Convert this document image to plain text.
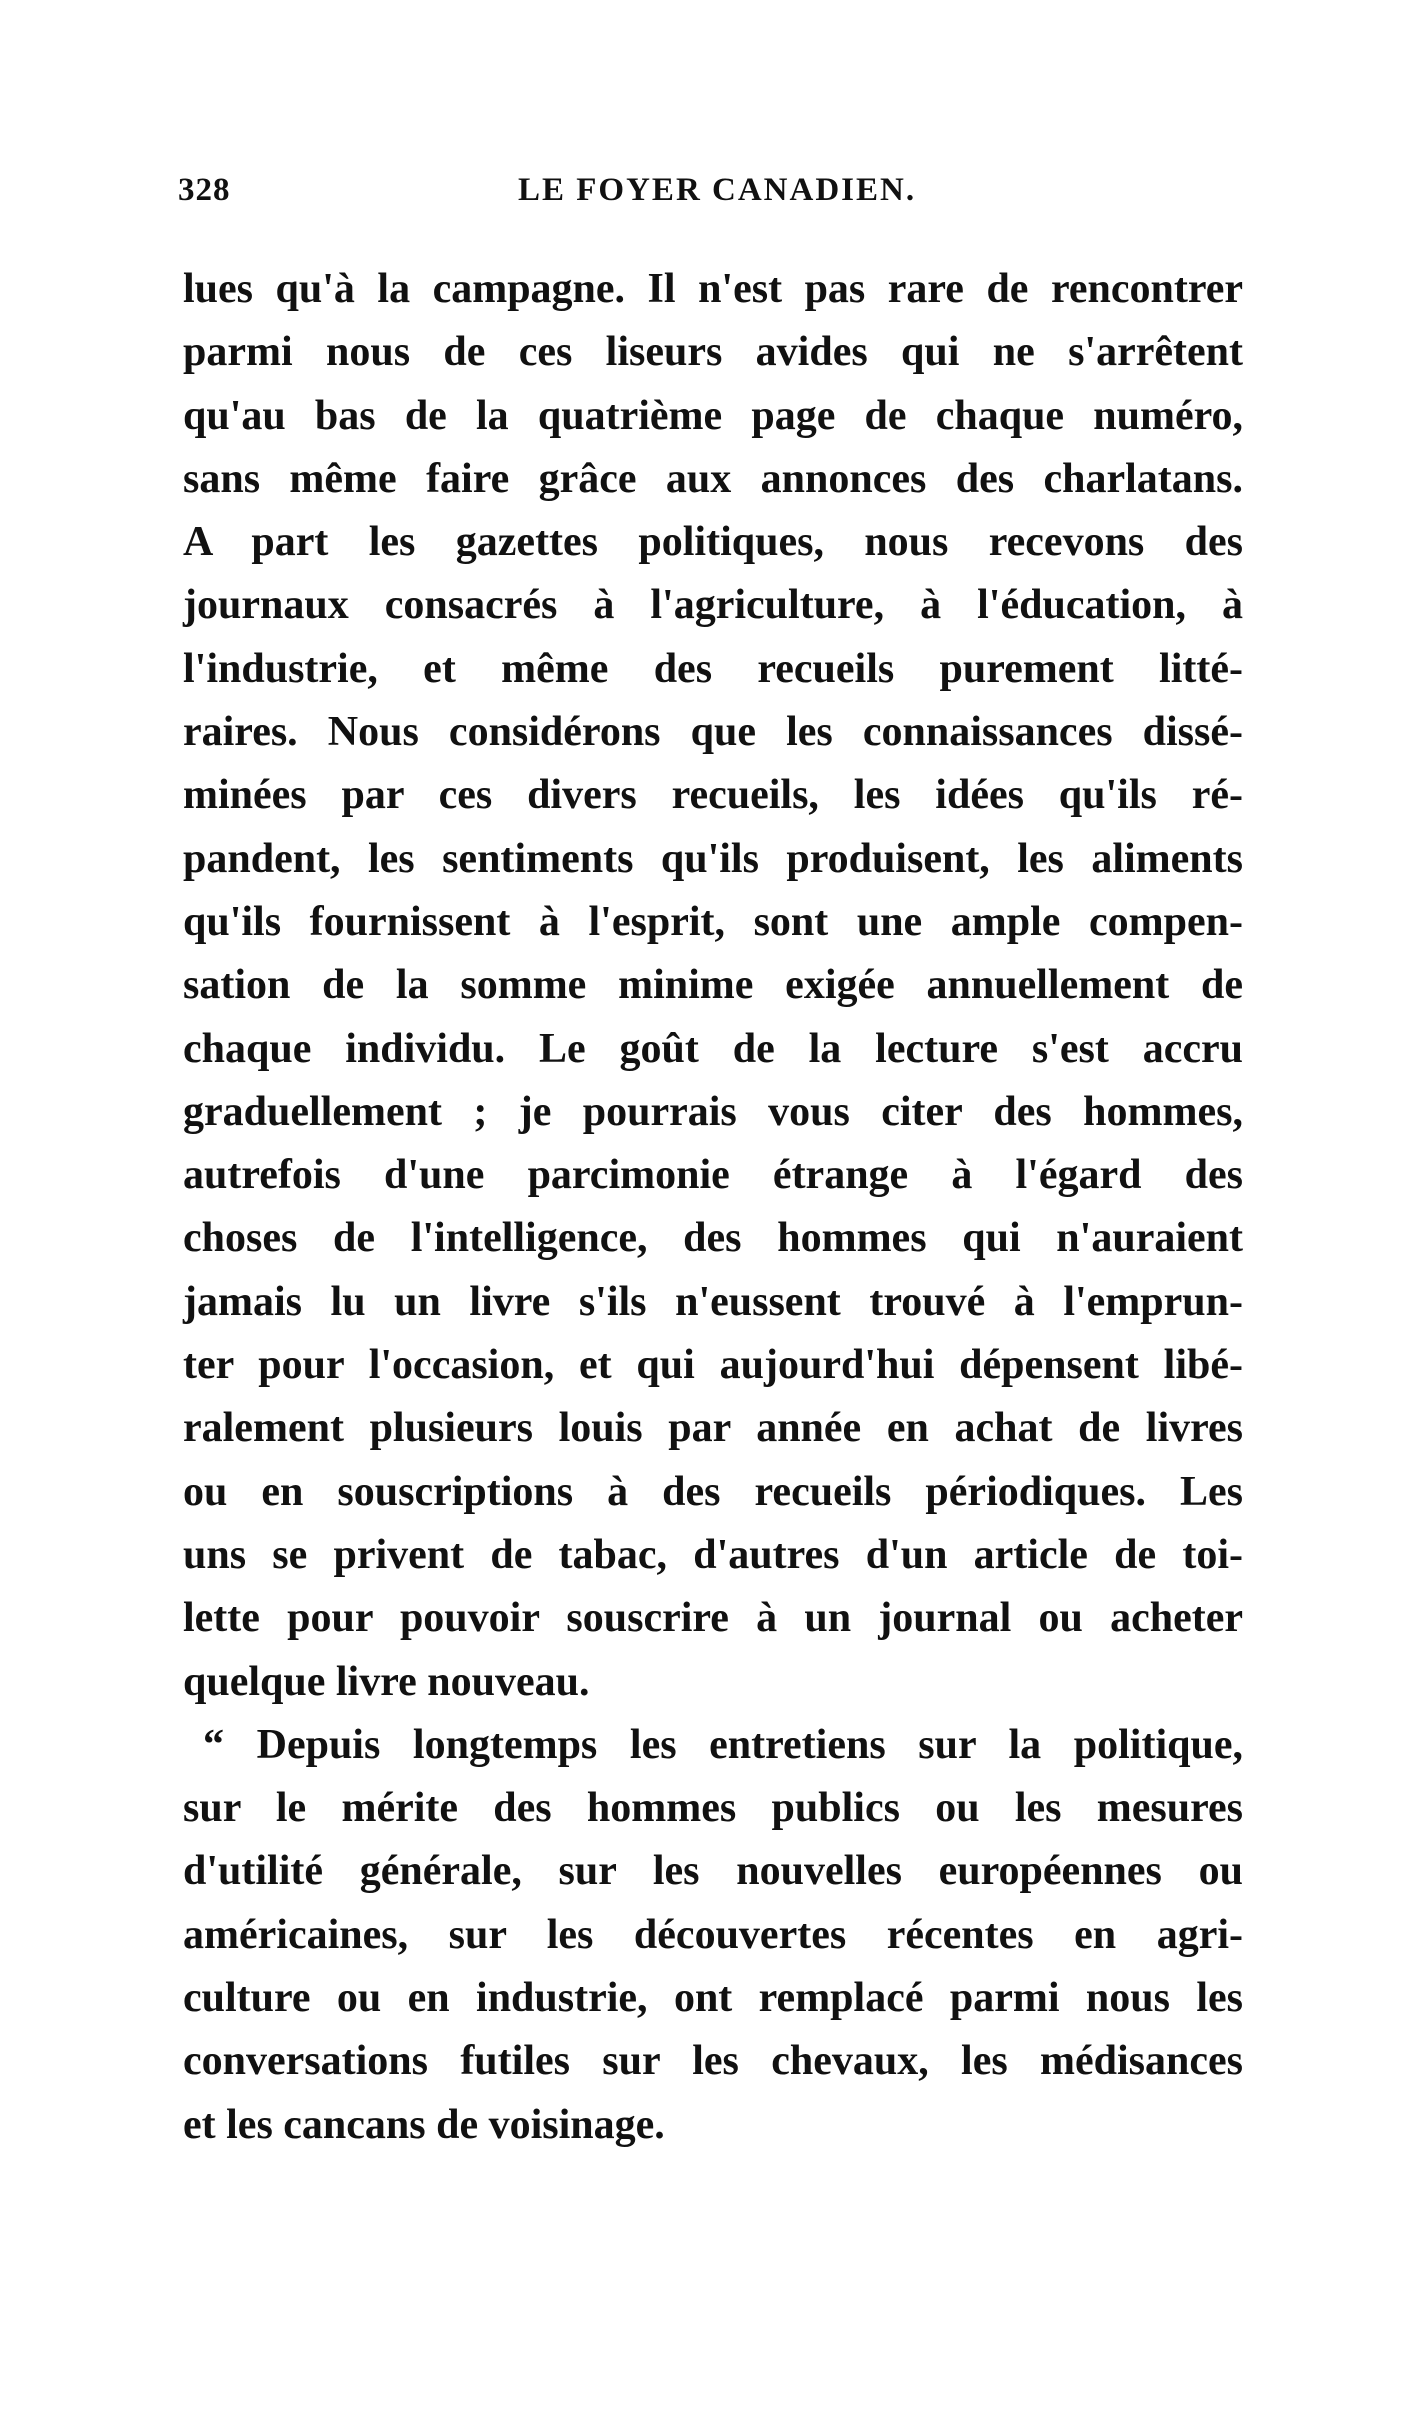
328	LE FOYER CANADIEN.
lues qu'à la campagne. Il n'est pas rare de rencontrer
parmi nous de ces liseurs avides qui ne s'arrêtent
qu'au bas de la quatrième page de chaque numéro,
sans même faire grâce aux annonces des charlatans.
A part les gazettes politiques, nous recevons des
journaux consacrés à l'agriculture, à l'éducation, à
l'industrie, et même des recueils purement litté-
raires. Nous considérons que les connaissances dissé-
minées par ces divers recueils, les idées qu'ils ré-
pandent, les sentiments qu'ils produisent, les aliments
qu'ils fournissent à l'esprit, sont une ample compen-
sation de la somme minime exigée annuellement de
chaque individu. Le goût de la lecture s'est accru
graduellement ; je pourrais vous citer des hommes,
autrefois d'une parcimonie étrange à l'égard des
choses de l'intelligence, des hommes qui n'auraient
jamais lu un livre s'ils n'eussent trouvé à l'emprun-
ter pour l'occasion, et qui aujourd'hui dépensent libé-
ralement plusieurs louis par année en achat de livres
ou en souscriptions à des recueils périodiques. Les
uns se privent de tabac, d'autres d'un article de toi-
lette pour pouvoir souscrire à un journal ou acheter
quelque livre nouveau.
“ Depuis longtemps les entretiens sur la politique,
sur le mérite des hommes publics ou les mesures
d'utilité générale, sur les nouvelles européennes ou
américaines, sur les découvertes récentes en agri-
culture ou en industrie, ont remplacé parmi nous les
conversations futiles sur les chevaux, les médisances
et les cancans de voisinage.
